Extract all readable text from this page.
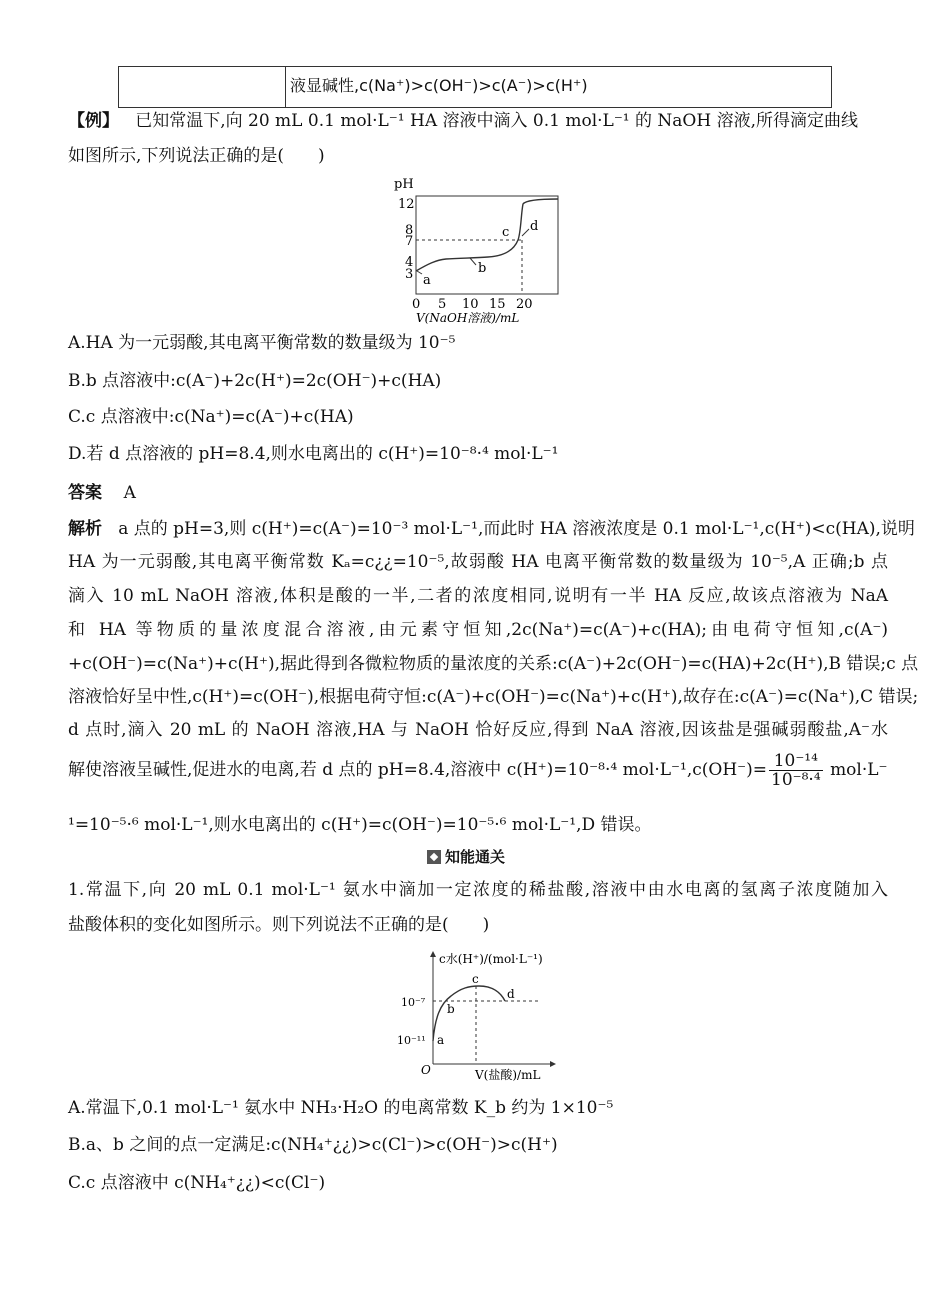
液显碱性,c(Na⁺)>c(OH⁻)>c(A⁻)>c(H⁺)
【例】 已知常温下,向 20 mL 0.1 mol·L⁻¹ HA 溶液中滴入 0.1 mol·L⁻¹ 的 NaOH 溶液,所得滴定曲线
如图所示,下列说法正确的是(　　)
pH
12
8
7
4
3
0 5 10 15 20
V(NaOH溶液)/mL
a
b
c d
A.HA 为一元弱酸,其电离平衡常数的数量级为 10⁻⁵
B.b 点溶液中:c(A⁻)+2c(H⁺)=2c(OH⁻)+c(HA)
C.c 点溶液中:c(Na⁺)=c(A⁻)+c(HA)
D.若 d 点溶液的 pH=8.4,则水电离出的 c(H⁺)=10⁻⁸·⁴ mol·L⁻¹
答案 A
解析 a 点的 pH=3,则 c(H⁺)=c(A⁻)=10⁻³ mol·L⁻¹,而此时 HA 溶液浓度是 0.1 mol·L⁻¹,c(H⁺)<c(HA),说明
HA 为一元弱酸,其电离平衡常数 Kₐ=c¿¿=10⁻⁵,故弱酸 HA 电离平衡常数的数量级为 10⁻⁵,A 正确;b 点
滴入 10 mL NaOH 溶液,体积是酸的一半,二者的浓度相同,说明有一半 HA 反应,故该点溶液为 NaA
和 HA 等物质的量浓度混合溶液,由元素守恒知,2c(Na⁺)=c(A⁻)+c(HA);由电荷守恒知,c(A⁻)
+c(OH⁻)=c(Na⁺)+c(H⁺),据此得到各微粒物质的量浓度的关系:c(A⁻)+2c(OH⁻)=c(HA)+2c(H⁺),B 错误;c 点
溶液恰好呈中性,c(H⁺)=c(OH⁻),根据电荷守恒:c(A⁻)+c(OH⁻)=c(Na⁺)+c(H⁺),故存在:c(A⁻)=c(Na⁺),C 错误;
d 点时,滴入 20 mL 的 NaOH 溶液,HA 与 NaOH 恰好反应,得到 NaA 溶液,因该盐是强碱弱酸盐,A⁻水
解使溶液呈碱性,促进水的电离,若 d 点的 pH=8.4,溶液中 c(H⁺)=10⁻⁸·⁴ $mol\cdot L^{-1},c(OH^-)= \frac{\text{10⁻¹⁴}}{\text{10⁻⁸·⁴}} mol\cdot L^-$
¹=10⁻⁵·⁶ mol·L⁻¹,则水电离出的 c(H⁺)=c(OH⁻)=10⁻⁵·⁶ mol·L⁻¹,D 错误。
知能通关
1.常温下,向 20 mL 0.1 mol·L⁻¹ 氨水中滴加一定浓度的稀盐酸,溶液中由水电离的氢离子浓度随加入
盐酸体积的变化如图所示。则下列说法不正确的是(　　)
c水(H⁺)/(mol·L⁻¹)
10⁻⁷
10⁻¹¹
O	V(盐酸)/mL
a
b
c
d
A.常温下,0.1 mol·L⁻¹ 氨水中 NH₃·H₂O 的电离常数 K_b 约为 1×10⁻⁵
B.a、b 之间的点一定满足:c(NH₄⁺¿¿)>c(Cl⁻)>c(OH⁻)>c(H⁺)
C.c 点溶液中 c(NH₄⁺¿¿)<c(Cl⁻)
